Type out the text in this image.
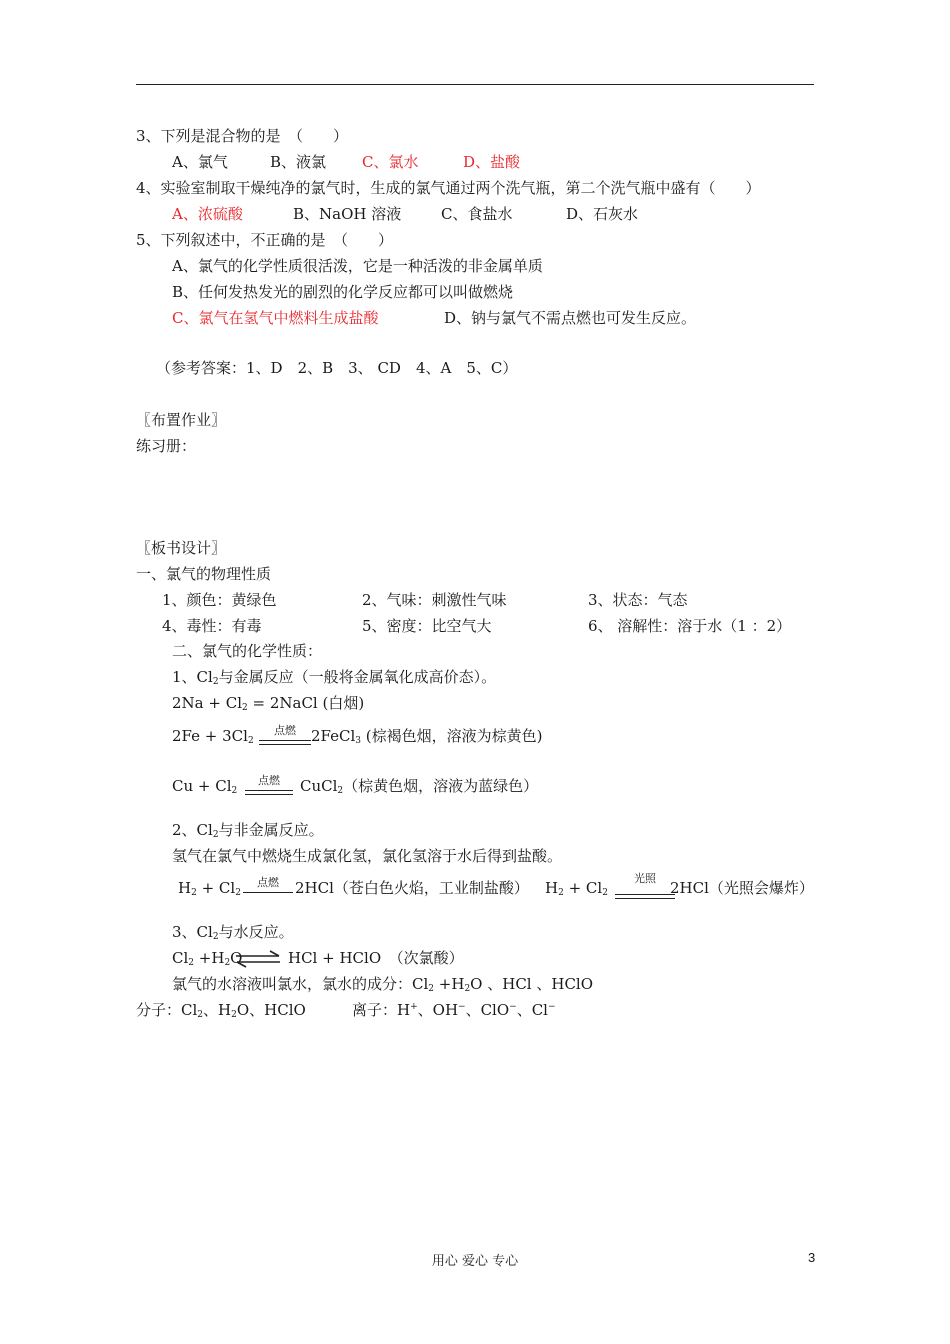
3、下列是混合物的是　（　　）
A、氯气	B、液氯 C、氯水	D、盐酸
4、实验室制取干燥纯净的氯气时，生成的氯气通过两个洗气瓶，第二个洗气瓶中盛有（　　）
A、浓硫酸	B、NaOH 溶液	C、食盐水	D、石灰水
5、下列叙述中，不正确的是　（　　）
A、氯气的化学性质很活泼，它是一种活泼的非金属单质
B、任何发热发光的剧烈的化学反应都可以叫做燃烧
C、氯气在氢气中燃料生成盐酸	D、钠与氯气不需点燃也可发生反应。
（参考答案：1、D　2、B　3、 CD　4、A　5、C）
〖布置作业〗
练习册：
〖板书设计〗
一、氯气的物理性质
1、颜色：黄绿色	2、气味：刺激性气味	3、状态：气态
4、毒性：有毒	5、密度：比空气大	6、 溶解性：溶于水（1 ：2）
二、氯气的化学性质：
1、$Cl_2$与金属反应（一般将金属氧化成高价态）。
$2Na + Cl_2$ = 2NaCl (白烟)
$2Fe + 3Cl_2$
点燃	2FeCl$_3$ (棕褐色烟，溶液为棕黄色)
$Cu + Cl_2$
点燃	CuCl$_2$（棕黄色烟，溶液为蓝绿色）
2、$Cl_2$与非金属反应。
氢气在氯气中燃烧生成氯化氢，氯化氢溶于水后得到盐酸。
$H_2 + Cl_2$
点燃	2HCl（苍白色火焰，工业制盐酸） $H_2 + Cl_2$
光照
2HCl（光照会爆炸）
3、$Cl_2$与水反应。
$Cl_2 +H_2O$ ⇌ HCl + HClO　（次氯酸）
氯气的水溶液叫氯水，氯水的成分：$Cl_2 +H_2O$ 、HCl 、HClO
分子：$Cl_2$、$H_2O$、HClO	离子：H+、OH−、ClO−、Cl−
用心 爱心 专心	3
